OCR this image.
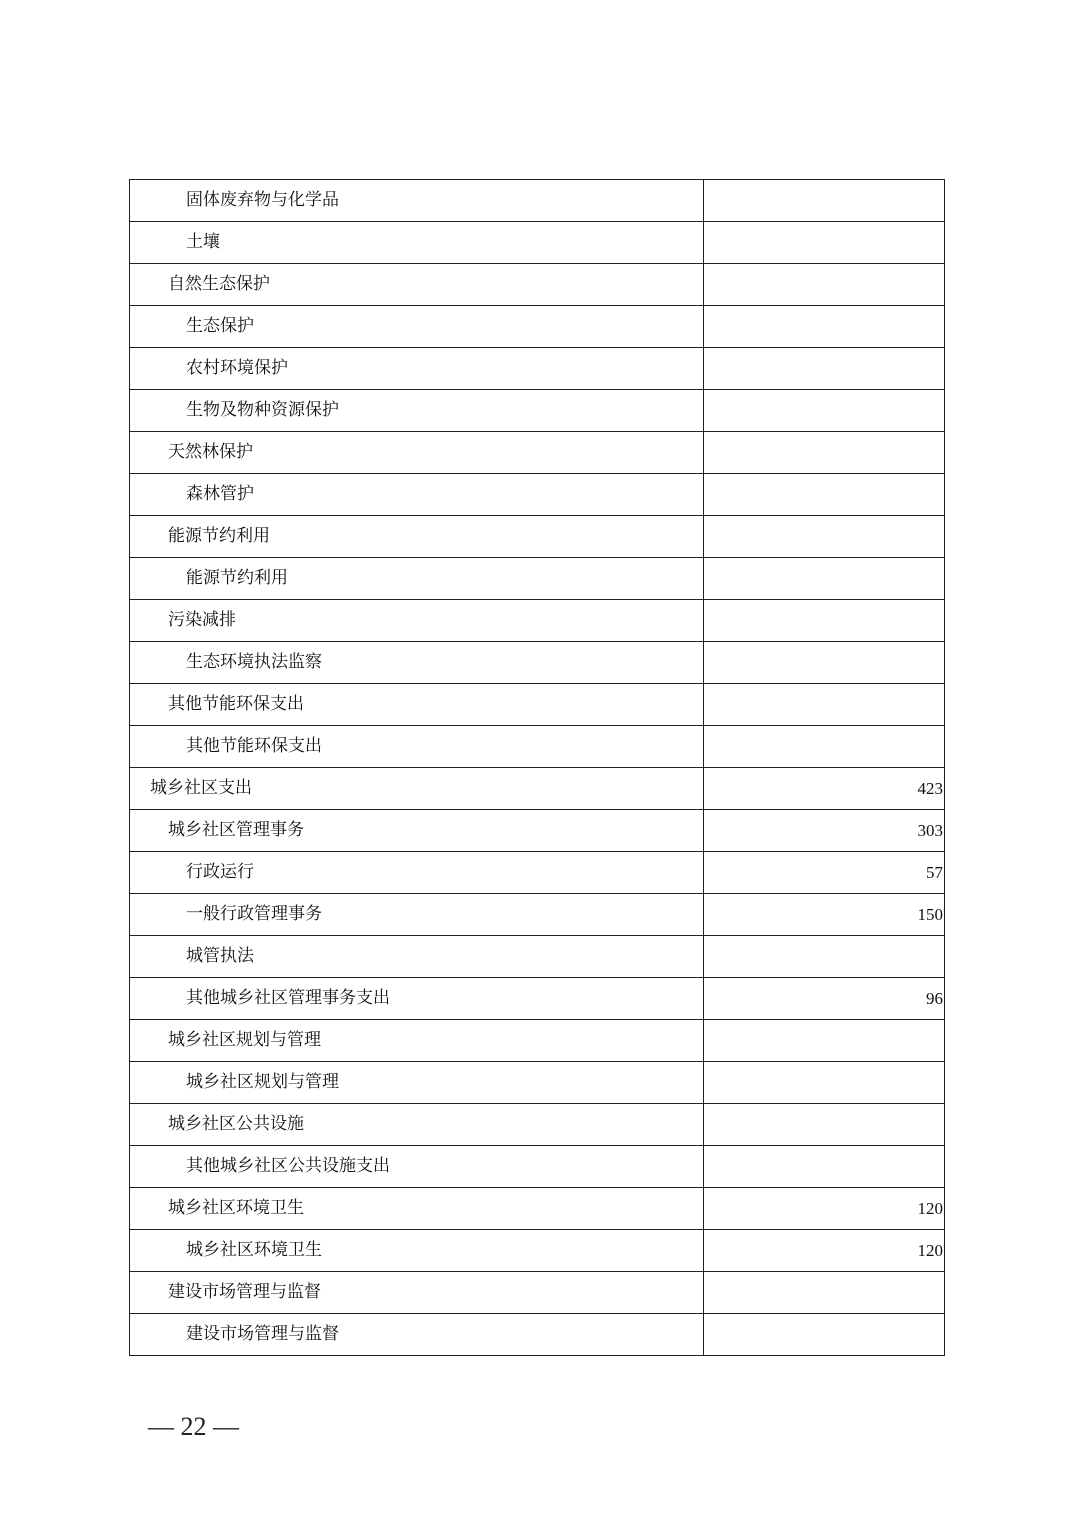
固体废弃物与化学品	
土壤	
自然生态保护	
生态保护	
农村环境保护	
生物及物种资源保护	
天然林保护	
森林管护	
能源节约利用	
能源节约利用	
污染减排	
生态环境执法监察	
其他节能环保支出	
其他节能环保支出	
城乡社区支出	423
城乡社区管理事务	303
行政运行	57
一般行政管理事务	150
城管执法	
其他城乡社区管理事务支出	96
城乡社区规划与管理	
城乡社区规划与管理	
城乡社区公共设施	
其他城乡社区公共设施支出	
城乡社区环境卫生	120
城乡社区环境卫生	120
建设市场管理与监督	
建设市场管理与监督	
— 22 —
